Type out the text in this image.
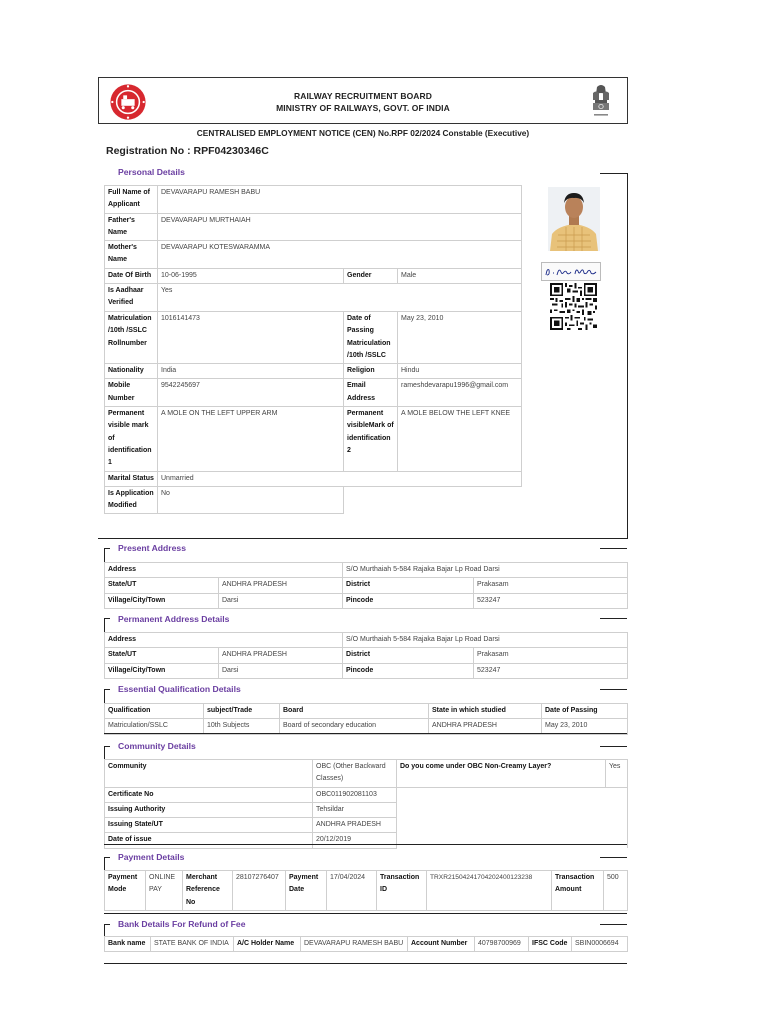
RAILWAY RECRUITMENT BOARD
MINISTRY OF RAILWAYS, GOVT. OF INDIA
CENTRALISED EMPLOYMENT NOTICE (CEN) No.RPF 02/2024 Constable (Executive)
Registration No : RPF04230346C
Personal Details
Full Name of Applicant	DEVAVARAPU RAMESH BABU		
Father's Name	DEVAVARAPU MURTHAIAH		
Mother's Name	DEVAVARAPU KOTESWARAMMA		
Date Of Birth	10-06-1995	Gender	Male
Is Aadhaar Verified	Yes		
Matriculation /10th /SSLC Rollnumber	1016141473	Date of Passing Matriculation /10th /SSLC	May 23, 2010
Nationality	India	Religion	Hindu
Mobile Number	9542245697	Email Address	rameshdevarapu1996@gmail.com
Permanent visible mark of identification 1	A MOLE ON THE LEFT UPPER ARM	Permanent visibleMark of identification 2	A MOLE BELOW THE LEFT KNEE
Marital Status	Unmarried		
Is Application Modified	No		
Present Address
Address		S/O Murthaiah 5-584 Rajaka Bajar Lp Road Darsi	
State/UT	ANDHRA PRADESH	District	Prakasam
Village/City/Town	Darsi	Pincode	523247
Permanent Address Details
Address		S/O Murthaiah 5-584 Rajaka Bajar Lp Road Darsi	
State/UT	ANDHRA PRADESH	District	Prakasam
Village/City/Town	Darsi	Pincode	523247
Essential Qualification Details
Qualification	subject/Trade	Board	State in which studied	Date of Passing
Matriculation/SSLC	10th Subjects	Board of secondary education	ANDHRA PRADESH	May 23, 2010
Community Details
Community	OBC (Other Backward Classes)	Do you come under OBC Non-Creamy Layer?	Yes
Certificate No	OBC011902081103		
Issuing Authority	Tehsildar		
Issuing State/UT	ANDHRA PRADESH		
Date of issue	20/12/2019		
Payment Details
Payment Mode	ONLINE PAY	Merchant Reference No	28107276407	Payment Date	17/04/2024	Transaction ID	TRXR21504241704202400123238	Transaction Amount	500
Bank Details For Refund of Fee
Bank name	STATE BANK OF INDIA	A/C Holder Name	DEVAVARAPU RAMESH BABU	Account Number	40798700969	IFSC Code	SBIN0006694
